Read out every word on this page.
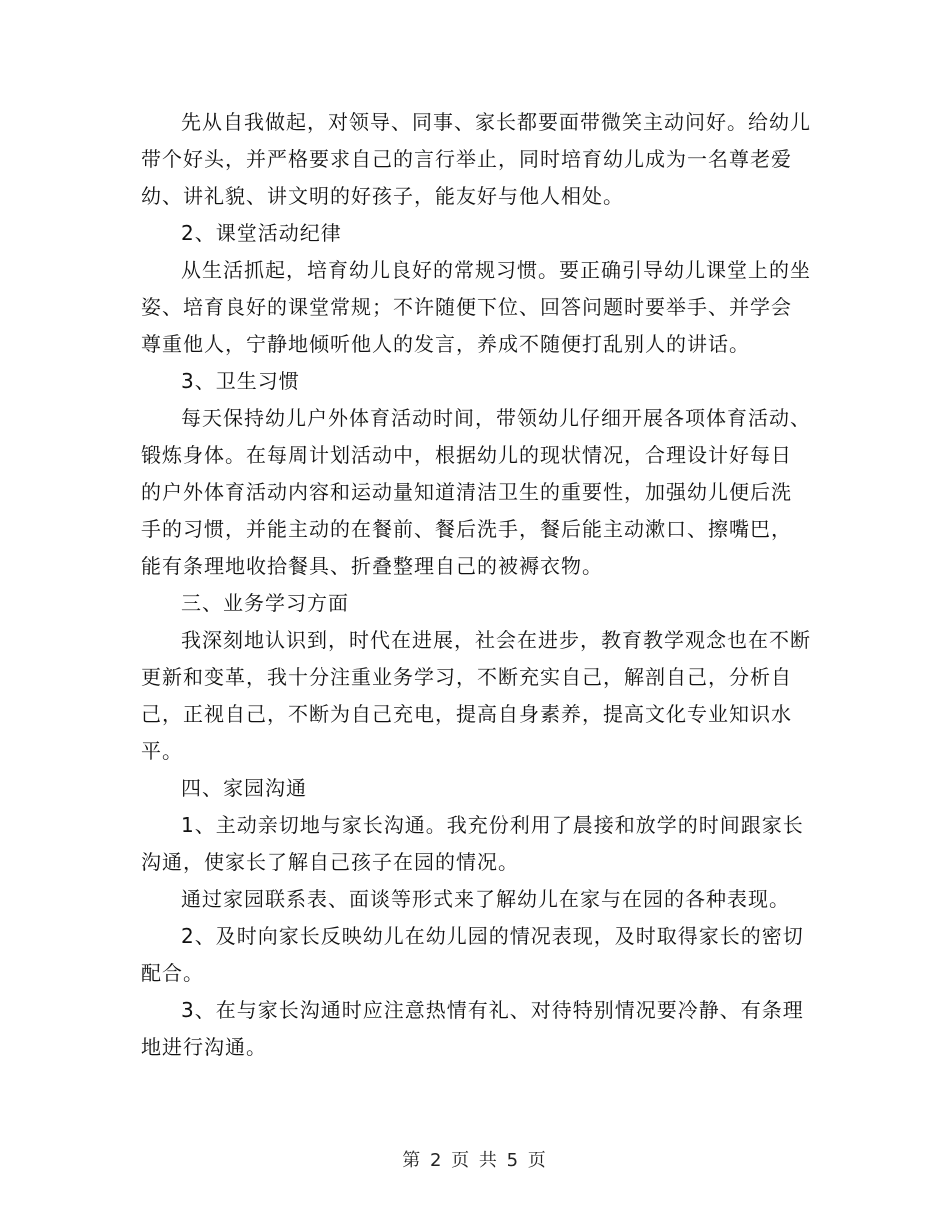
先从自我做起，对领导、同事、家长都要面带微笑主动问好。给幼儿带个好头，并严格要求自己的言行举止，同时培育幼儿成为一名尊老爱幼、讲礼貌、讲文明的好孩子，能友好与他人相处。

2、课堂活动纪律

从生活抓起，培育幼儿良好的常规习惯。要正确引导幼儿课堂上的坐姿、培育良好的课堂常规；不许随便下位、回答问题时要举手、并学会尊重他人，宁静地倾听他人的发言，养成不随便打乱别人的讲话。

3、卫生习惯

每天保持幼儿户外体育活动时间，带领幼儿仔细开展各项体育活动、锻炼身体。在每周计划活动中，根据幼儿的现状情况，合理设计好每日的户外体育活动内容和运动量知道清洁卫生的重要性，加强幼儿便后洗手的习惯，并能主动的在餐前、餐后洗手，餐后能主动漱口、擦嘴巴，能有条理地收拾餐具、折叠整理自己的被褥衣物。

三、业务学习方面

我深刻地认识到，时代在进展，社会在进步，教育教学观念也在不断更新和变革，我十分注重业务学习，不断充实自己，解剖自己，分析自己，正视自己，不断为自己充电，提高自身素养，提高文化专业知识水平。

四、家园沟通

1、主动亲切地与家长沟通。我充份利用了晨接和放学的时间跟家长沟通，使家长了解自己孩子在园的情况。

通过家园联系表、面谈等形式来了解幼儿在家与在园的各种表现。

2、及时向家长反映幼儿在幼儿园的情况表现，及时取得家长的密切配合。

3、在与家长沟通时应注意热情有礼、对待特别情况要冷静、有条理地进行沟通。

第 2 页 共 5 页
